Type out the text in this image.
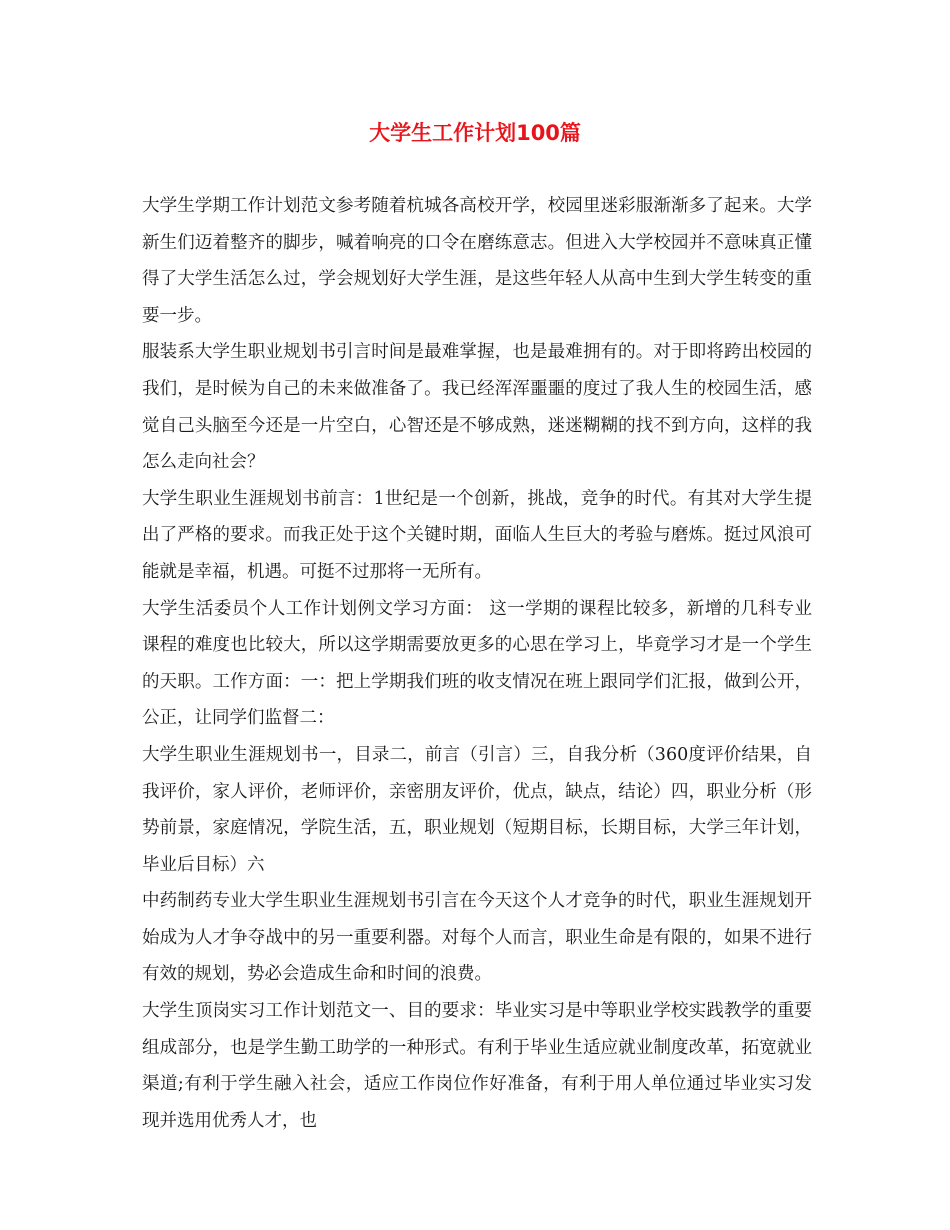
大学生工作计划100篇

大学生学期工作计划范文参考随着杭城各高校开学，校园里迷彩服渐渐多了起来。大学新生们迈着整齐的脚步，喊着响亮的口令在磨练意志。但进入大学校园并不意味真正懂得了大学生活怎么过，学会规划好大学生涯，是这些年轻人从高中生到大学生转变的重要一步。

服装系大学生职业规划书引言时间是最难掌握，也是最难拥有的。对于即将跨出校园的我们，是时候为自己的未来做准备了。我已经浑浑噩噩的度过了我人生的校园生活，感觉自己头脑至今还是一片空白，心智还是不够成熟，迷迷糊糊的找不到方向，这样的我怎么走向社会？

大学生职业生涯规划书前言：1世纪是一个创新，挑战，竞争的时代。有其对大学生提出了严格的要求。而我正处于这个关键时期，面临人生巨大的考验与磨炼。挺过风浪可能就是幸福，机遇。可挺不过那将一无所有。

大学生活委员个人工作计划例文学习方面： 这一学期的课程比较多，新增的几科专业课程的难度也比较大，所以这学期需要放更多的心思在学习上，毕竟学习才是一个学生的天职。工作方面：一：把上学期我们班的收支情况在班上跟同学们汇报，做到公开，公正，让同学们监督二：

大学生职业生涯规划书一，目录二，前言（引言）三，自我分析（360度评价结果，自我评价，家人评价，老师评价，亲密朋友评价，优点，缺点，结论）四，职业分析（形势前景，家庭情况，学院生活，五，职业规划（短期目标，长期目标，大学三年计划，毕业后目标）六

中药制药专业大学生职业生涯规划书引言在今天这个人才竞争的时代，职业生涯规划开始成为人才争夺战中的另一重要利器。对每个人而言，职业生命是有限的，如果不进行有效的规划，势必会造成生命和时间的浪费。

大学生顶岗实习工作计划范文一、目的要求：毕业实习是中等职业学校实践教学的重要组成部分，也是学生勤工助学的一种形式。有利于毕业生适应就业制度改革，拓宽就业渠道;有利于学生融入社会，适应工作岗位作好准备，有利于用人单位通过毕业实习发现并选用优秀人才，也
